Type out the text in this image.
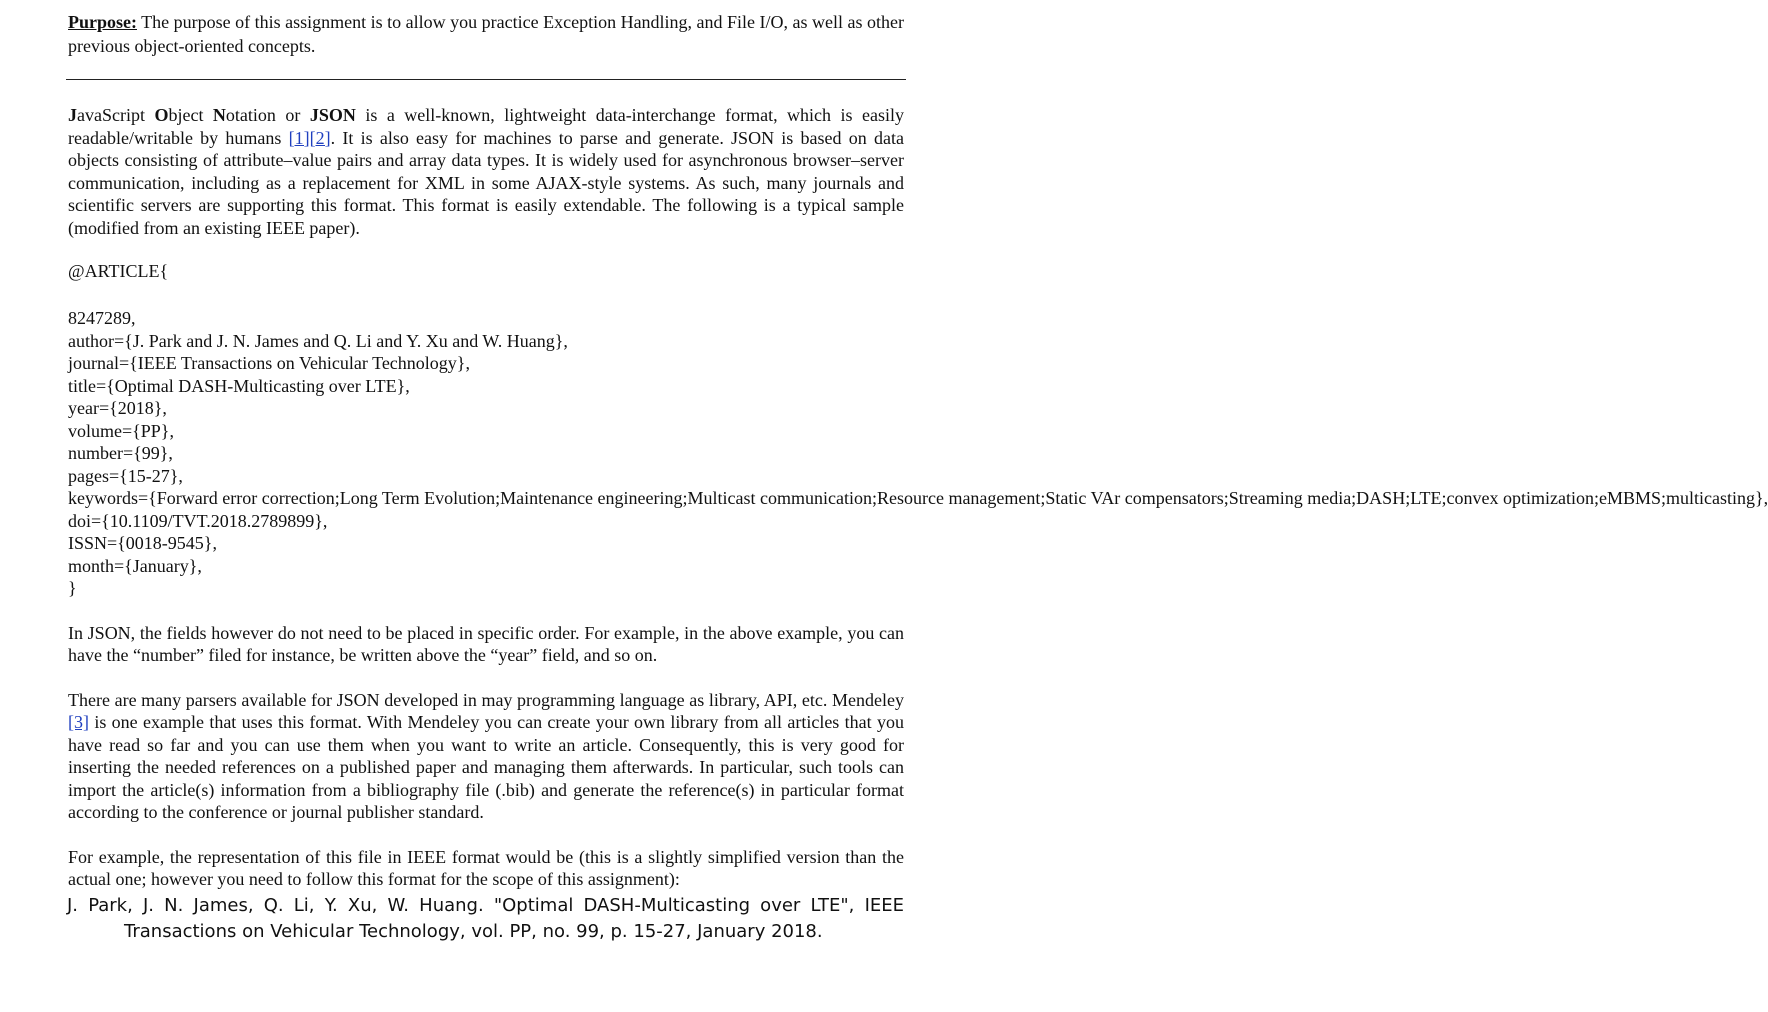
Purpose: The purpose of this assignment is to allow you practice Exception Handling, and File I/O, as well as other previous object-oriented concepts.

JavaScript Object Notation or JSON is a well-known, lightweight data-interchange format, which is easily readable/writable by humans [1][2]. It is also easy for machines to parse and generate. JSON is based on data objects consisting of attribute–value pairs and array data types. It is widely used for asynchronous browser–server communication, including as a replacement for XML in some AJAX-style systems. As such, many journals and scientific servers are supporting this format. This format is easily extendable. The following is a typical sample (modified from an existing IEEE paper).

@ARTICLE{

8247289,
author={J. Park and J. N. James and Q. Li and Y. Xu and W. Huang},
journal={IEEE Transactions on Vehicular Technology},
title={Optimal DASH-Multicasting over LTE},
year={2018},
volume={PP},
number={99},
pages={15-27},
keywords={Forward error correction;Long Term Evolution;Maintenance engineering;Multicast communication;Resource management;Static VAr compensators;Streaming media;DASH;LTE;convex optimization;eMBMS;multicasting},
doi={10.1109/TVT.2018.2789899},
ISSN={0018-9545},
month={January},
}

In JSON, the fields however do not need to be placed in specific order. For example, in the above example, you can have the “number” filed for instance, be written above the “year” field, and so on.

There are many parsers available for JSON developed in may programming language as library, API, etc. Mendeley [3] is one example that uses this format. With Mendeley you can create your own library from all articles that you have read so far and you can use them when you want to write an article. Consequently, this is very good for inserting the needed references on a published paper and managing them afterwards. In particular, such tools can import the article(s) information from a bibliography file (.bib) and generate the reference(s) in particular format according to the conference or journal publisher standard.

For example, the representation of this file in IEEE format would be (this is a slightly simplified version than the actual one; however you need to follow this format for the scope of this assignment):

J. Park, J. N. James, Q. Li, Y. Xu, W. Huang. "Optimal DASH-Multicasting over LTE", IEEE
Transactions on Vehicular Technology, vol. PP, no. 99, p. 15-27, January 2018.
